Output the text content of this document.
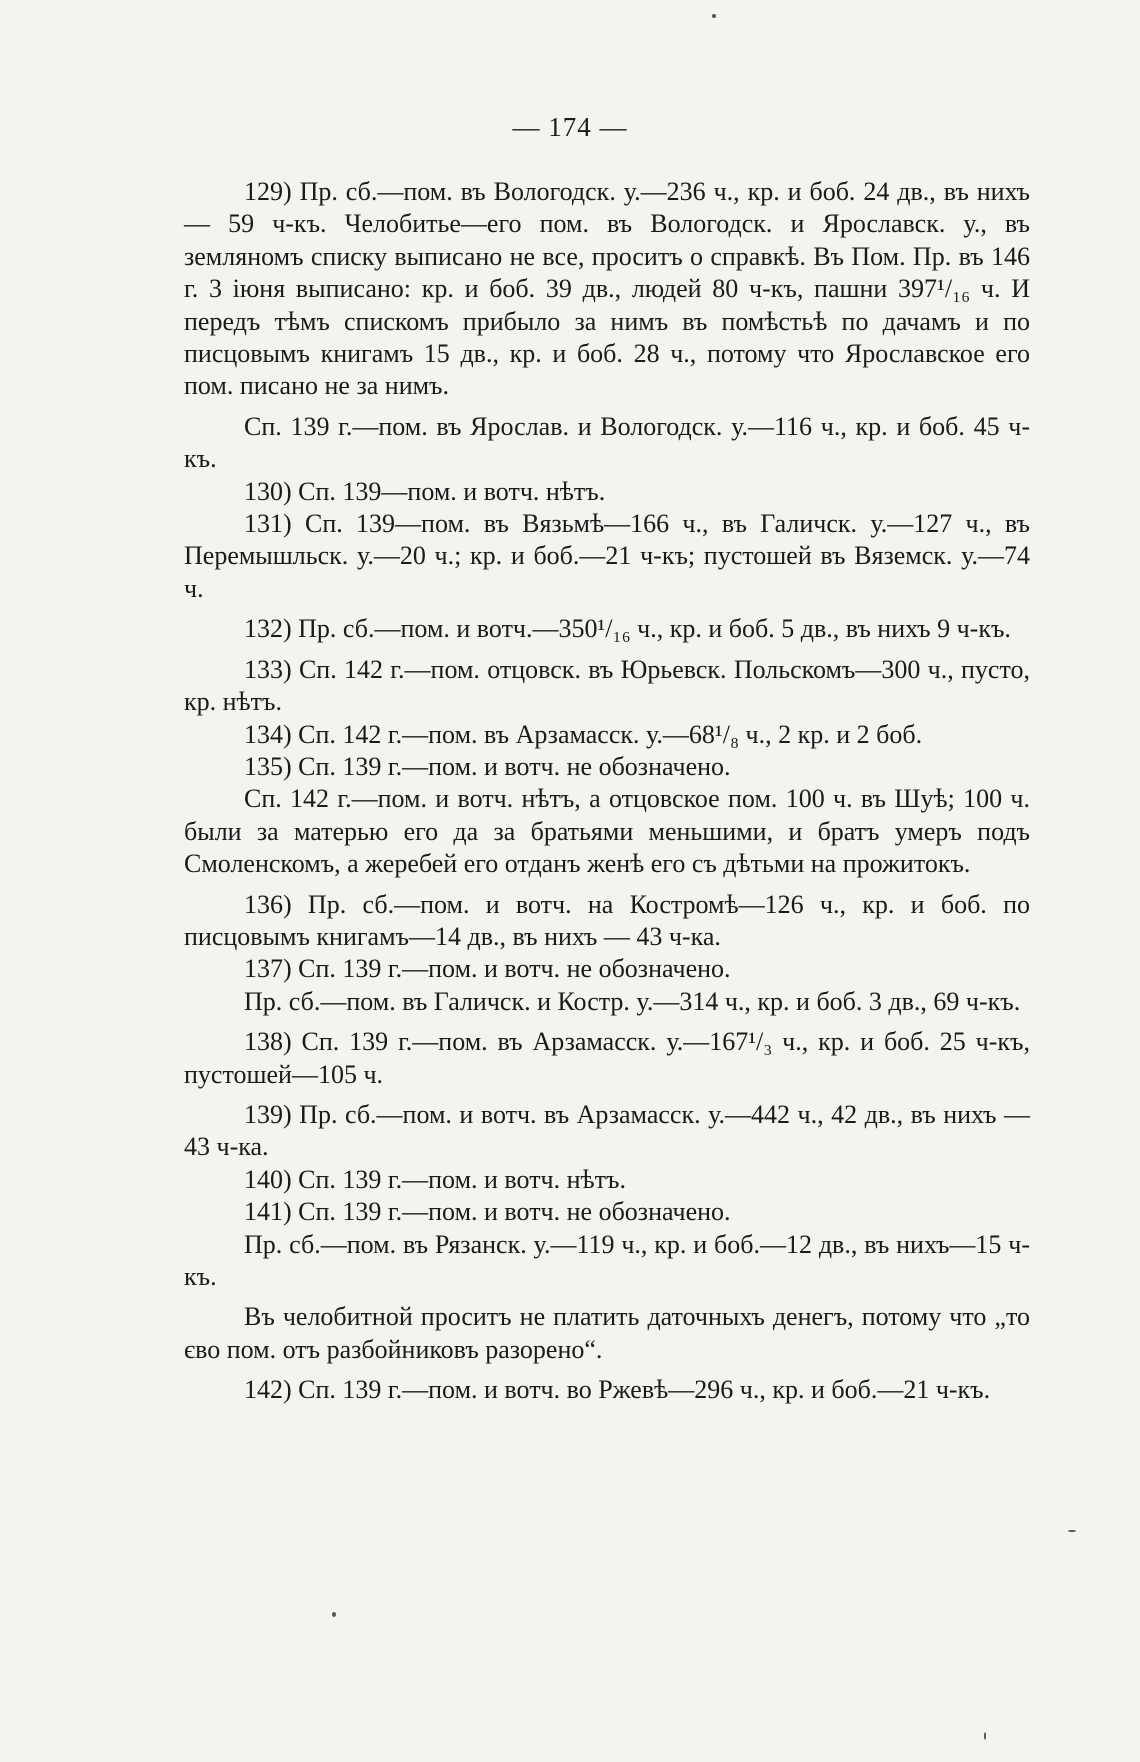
— 174 —

129) Пр. сб.—пом. въ Вологодск. у.—236 ч., кр. и боб. 24 дв., въ нихъ — 59 ч-къ. Челобитье—его пом. въ Вологодск. и Ярославск. у., въ земляномъ списку выписано не все, проситъ о справкѣ. Въ Пом. Пр. въ 146 г. 3 іюня выписано: кр. и боб. 39 дв., людей 80 ч-къ, пашни 397¹/₁₆ ч. И передъ тѣмъ спискомъ прибыло за нимъ въ помѣстьѣ по дачамъ и по писцовымъ книгамъ 15 дв., кр. и боб. 28 ч., потому что Ярославское его пом. писано не за нимъ.

Сп. 139 г.—пом. въ Ярослав. и Вологодск. у.—116 ч., кр. и боб. 45 ч-къ.

130) Сп. 139—пом. и вотч. нѣтъ.

131) Сп. 139—пом. въ Вязьмѣ—166 ч., въ Галичск. у.—127 ч., въ Перемышльск. у.—20 ч.; кр. и боб.—21 ч-къ; пустошей въ Вяземск. у.—74 ч.

132) Пр. сб.—пом. и вотч.—350¹/₁₆ ч., кр. и боб. 5 дв., въ нихъ 9 ч-къ.

133) Сп. 142 г.—пом. отцовск. въ Юрьевск. Польскомъ—300 ч., пусто, кр. нѣтъ.

134) Сп. 142 г.—пом. въ Арзамасск. у.—68¹/₈ ч., 2 кр. и 2 боб.

135) Сп. 139 г.—пом. и вотч. не обозначено.

Сп. 142 г.—пом. и вотч. нѣтъ, а отцовское пом. 100 ч. въ Шуѣ; 100 ч. были за матерью его да за братьями меньшими, и братъ умеръ подъ Смоленскомъ, а жеребей его отданъ женѣ его съ дѣтьми на прожитокъ.

136) Пр. сб.—пом. и вотч. на Костромѣ—126 ч., кр. и боб. по писцовымъ книгамъ—14 дв., въ нихъ — 43 ч-ка.

137) Сп. 139 г.—пом. и вотч. не обозначено.

Пр. сб.—пом. въ Галичск. и Костр. у.—314 ч., кр. и боб. 3 дв., 69 ч-къ.

138) Сп. 139 г.—пом. въ Арзамасск. у.—167¹/₃ ч., кр. и боб. 25 ч-къ, пустошей—105 ч.

139) Пр. сб.—пом. и вотч. въ Арзамасск. у.—442 ч., 42 дв., въ нихъ — 43 ч-ка.

140) Сп. 139 г.—пом. и вотч. нѣтъ.

141) Сп. 139 г.—пом. и вотч. не обозначено.

Пр. сб.—пом. въ Рязанск. у.—119 ч., кр. и боб.—12 дв., въ нихъ—15 ч-къ.

Въ челобитной проситъ не платить даточныхъ денегъ, потому что „то єво пом. отъ разбойниковъ разорено“.

142) Сп. 139 г.—пом. и вотч. во Ржевѣ—296 ч., кр. и боб.—21 ч-къ.
